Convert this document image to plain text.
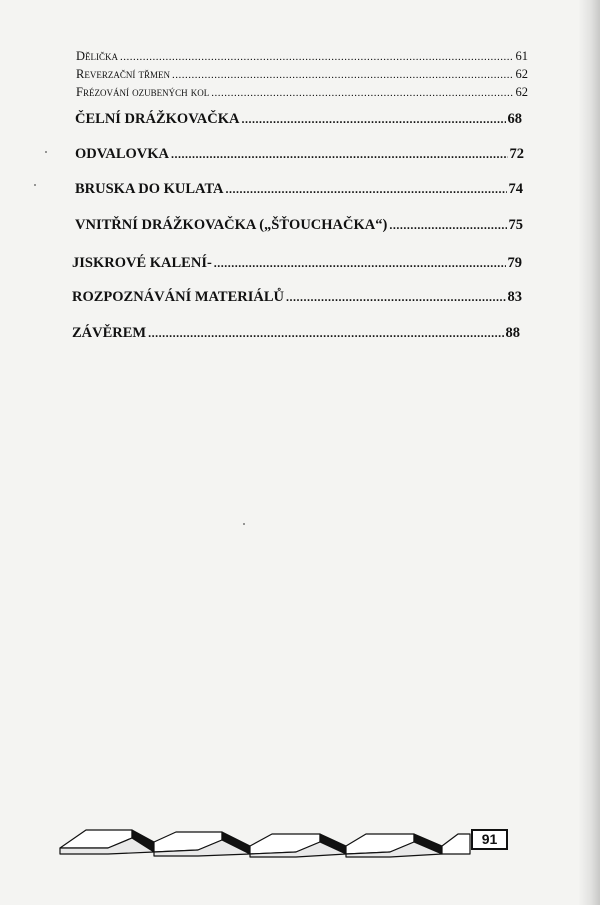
Dělička .....	61
Reverzační třmen .....	62
Frézování ozubených kol .....	62
ČELNÍ DRÁŽKOVAČKA .....	68
ODVALOVKA .....	72
BRUSKA DO KULATA .....	74
VNITŘNÍ DRÁŽKOVAČKA („ŠŤOUCHAČKA“) .....	75
JISKROVÉ KALENÍ- .....	79
ROZPOZNÁVÁNÍ MATERIÁLŮ .....	83
ZÁVĚREM .....	88
91
